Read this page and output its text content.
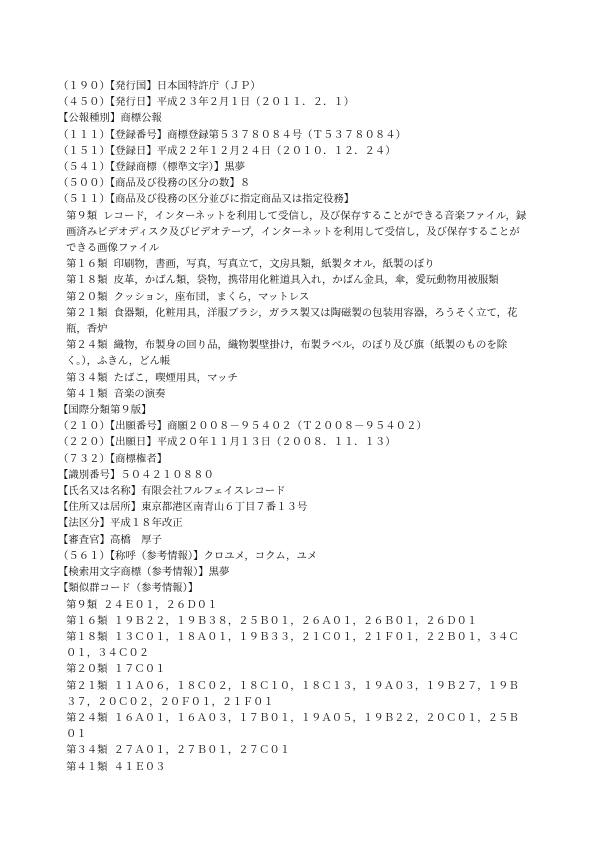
（１９０）【発行国】日本国特許庁（ＪＰ）

（４５０）【発行日】平成２３年２月１日（２０１１．２．１）

【公報種別】商標公報

（１１１）【登録番号】商標登録第５３７８０８４号（Ｔ５３７８０８４）

（１５１）【登録日】平成２２年１２月２４日（２０１０．１２．２４）

（５４１）【登録商標（標準文字）】黒夢

（５００）【商品及び役務の区分の数】８

（５１１）【商品及び役務の区分並びに指定商品又は指定役務】

第９類 レコード，インターネットを利用して受信し，及び保存することができる音楽ファイル，録画済みビデオディスク及びビデオテープ，インターネットを利用して受信し，及び保存することができる画像ファイル

第１６類 印刷物，書画，写真，写真立て，文房具類，紙製タオル，紙製のぼり

第１８類 皮革，かばん類，袋物，携帯用化粧道具入れ，かばん金具，傘，愛玩動物用被服類

第２０類 クッション，座布団，まくら，マットレス

第２１類 食器類，化粧用具，洋服ブラシ，ガラス製又は陶磁製の包装用容器，ろうそく立て，花瓶，香炉

第２４類 織物，布製身の回り品，織物製壁掛け，布製ラベル，のぼり及び旗（紙製のものを除く。），ふきん，どん帳

第３４類 たばこ，喫煙用具，マッチ

第４１類 音楽の演奏

【国際分類第９版】

（２１０）【出願番号】商願２００８－９５４０２（Ｔ２００８－９５４０２）

（２２０）【出願日】平成２０年１１月１３日（２００８．１１．１３）

（７３２）【商標権者】

【識別番号】５０４２１０８８０

【氏名又は名称】有限会社フルフェイスレコード

【住所又は居所】東京都港区南青山６丁目７番１３号

【法区分】平成１８年改正

【審査官】高橋　厚子

（５６１）【称呼（参考情報）】クロユメ，コクム，ユメ

【検索用文字商標（参考情報）】黒夢

【類似群コード（参考情報）】

第９類 ２４Ｅ０１，２６Ｄ０１

第１６類 １９Ｂ２２，１９Ｂ３８，２５Ｂ０１，２６Ａ０１，２６Ｂ０１，２６Ｄ０１

第１８類 １３Ｃ０１，１８Ａ０１，１９Ｂ３３，２１Ｃ０１，２１Ｆ０１，２２Ｂ０１，３４Ｃ０１，３４Ｃ０２

第２０類 １７Ｃ０１

第２１類 １１Ａ０６，１８Ｃ０２，１８Ｃ１０，１８Ｃ１３，１９Ａ０３，１９Ｂ２７，１９Ｂ３７，２０Ｃ０２，２０Ｆ０１，２１Ｆ０１

第２４類 １６Ａ０１，１６Ａ０３，１７Ｂ０１，１９Ａ０５，１９Ｂ２２，２０Ｃ０１，２５Ｂ０１

第３４類 ２７Ａ０１，２７Ｂ０１，２７Ｃ０１

第４１類 ４１Ｅ０３
